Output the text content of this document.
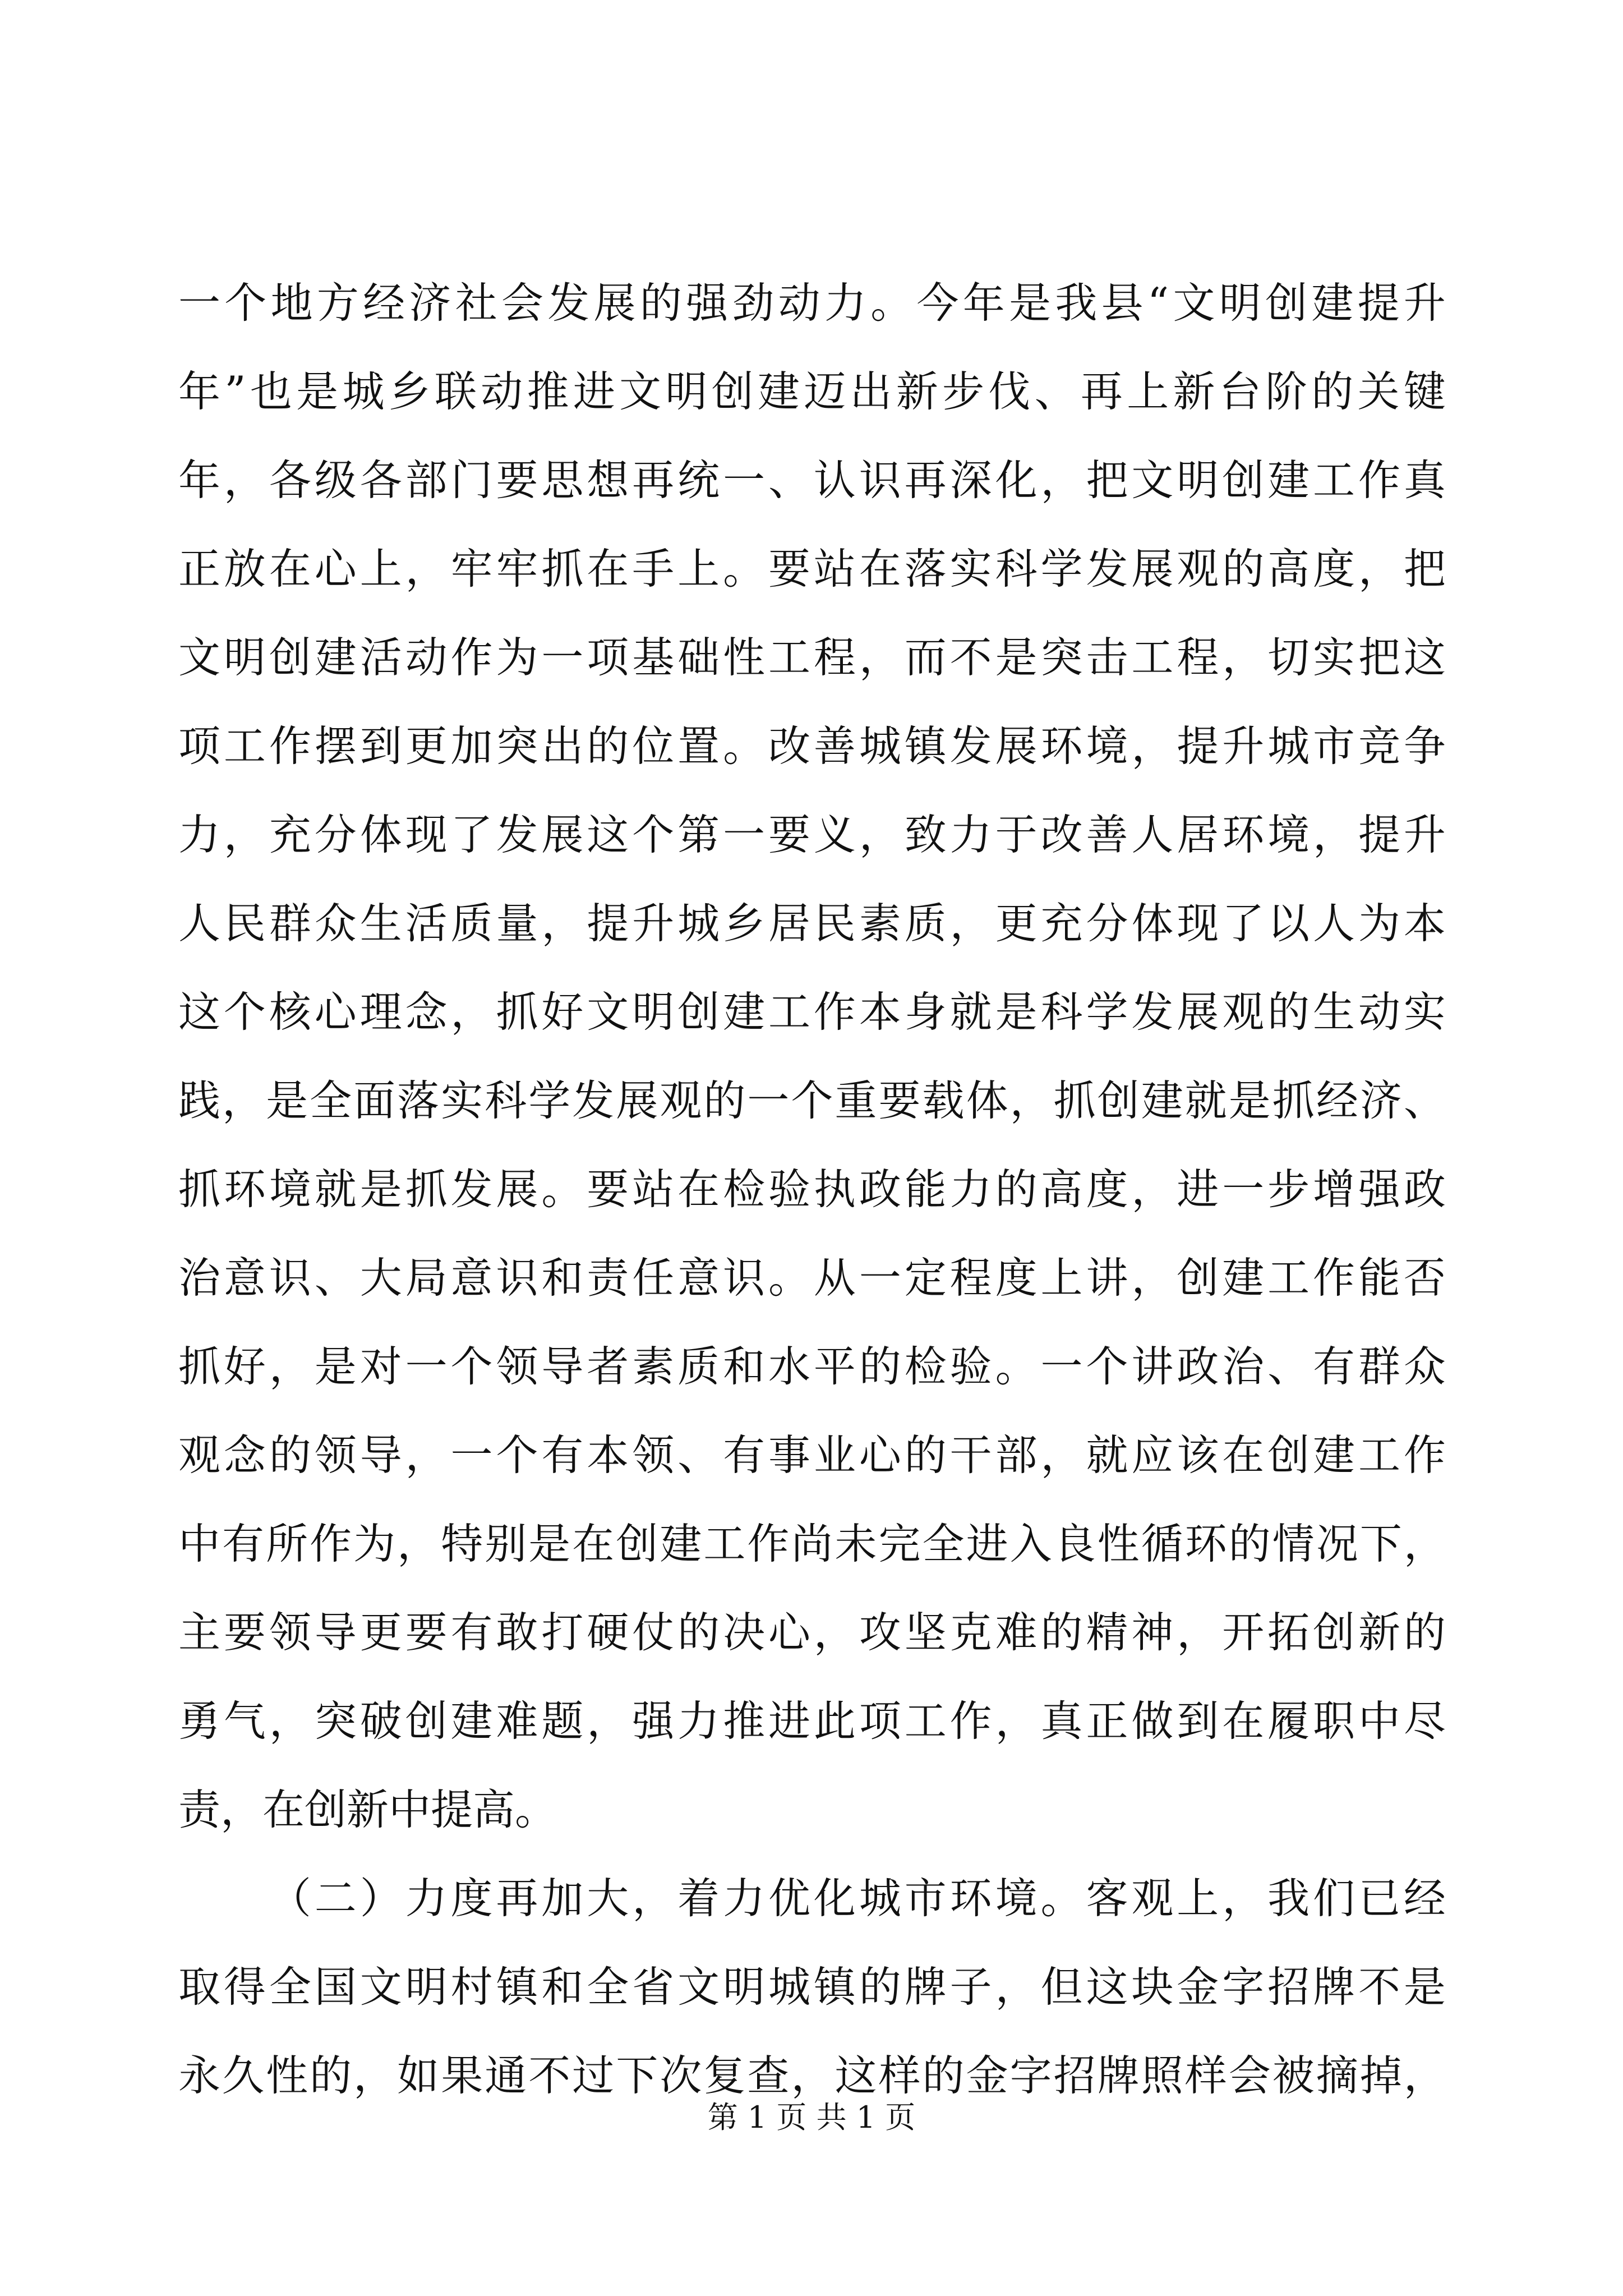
一 个 地 方 经 济 社 会 发 展 的 强 劲 动 力 。 今 年 是 我 县 “ 文 明 创 建 提 升
年 ” 也 是 城 乡 联 动 推 进 文 明 创 建 迈 出 新 步 伐 、 再 上 新 台 阶 的 关 键
年 ， 各 级 各 部 门 要 思 想 再 统 一 、 认 识 再 深 化 ， 把 文 明 创 建 工 作 真
正 放 在 心 上 ， 牢 牢 抓 在 手 上 。 要 站 在 落 实 科 学 发 展 观 的 高 度 ， 把
文 明 创 建 活 动 作 为 一 项 基 础 性 工 程 ， 而 不 是 突 击 工 程 ， 切 实 把 这
项 工 作 摆 到 更 加 突 出 的 位 置 。 改 善 城 镇 发 展 环 境 ， 提 升 城 市 竞 争
力 ， 充 分 体 现 了 发 展 这 个 第 一 要 义 ， 致 力 于 改 善 人 居 环 境 ， 提 升
人 民 群 众 生 活 质 量 ， 提 升 城 乡 居 民 素 质 ， 更 充 分 体 现 了 以 人 为 本
这 个 核 心 理 念 ， 抓 好 文 明 创 建 工 作 本 身 就 是 科 学 发 展 观 的 生 动 实
践 ， 是 全 面 落 实 科 学 发 展 观 的 一 个 重 要 载 体 ， 抓 创 建 就 是 抓 经 济 、
抓 环 境 就 是 抓 发 展 。 要 站 在 检 验 执 政 能 力 的 高 度 ， 进 一 步 增 强 政
治 意 识 、 大 局 意 识 和 责 任 意 识 。 从 一 定 程 度 上 讲 ， 创 建 工 作 能 否
抓 好 ， 是 对 一 个 领 导 者 素 质 和 水 平 的 检 验 。 一 个 讲 政 治 、 有 群 众
观 念 的 领 导 ， 一 个 有 本 领 、 有 事 业 心 的 干 部 ， 就 应 该 在 创 建 工 作
中 有 所 作 为 ， 特 别 是 在 创 建 工 作 尚 未 完 全 进 入 良 性 循 环 的 情 况 下 ，
主 要 领 导 更 要 有 敢 打 硬 仗 的 决 心 ， 攻 坚 克 难 的 精 神 ， 开 拓 创 新 的
勇 气 ， 突 破 创 建 难 题 ， 强 力 推 进 此 项 工 作 ， 真 正 做 到 在 履 职 中 尽
责，在创新中提高。

（ 二 ） 力 度 再 加 大 ， 着 力 优 化 城 市 环 境 。 客 观 上 ， 我 们 已 经
取 得 全 国 文 明 村 镇 和 全 省 文 明 城 镇 的 牌 子 ， 但 这 块 金 字 招 牌 不 是
永 久 性 的 ， 如 果 通 不 过 下 次 复 查 ， 这 样 的 金 字 招 牌 照 样 会 被 摘 掉 ，
第 1 页 共 1 页
